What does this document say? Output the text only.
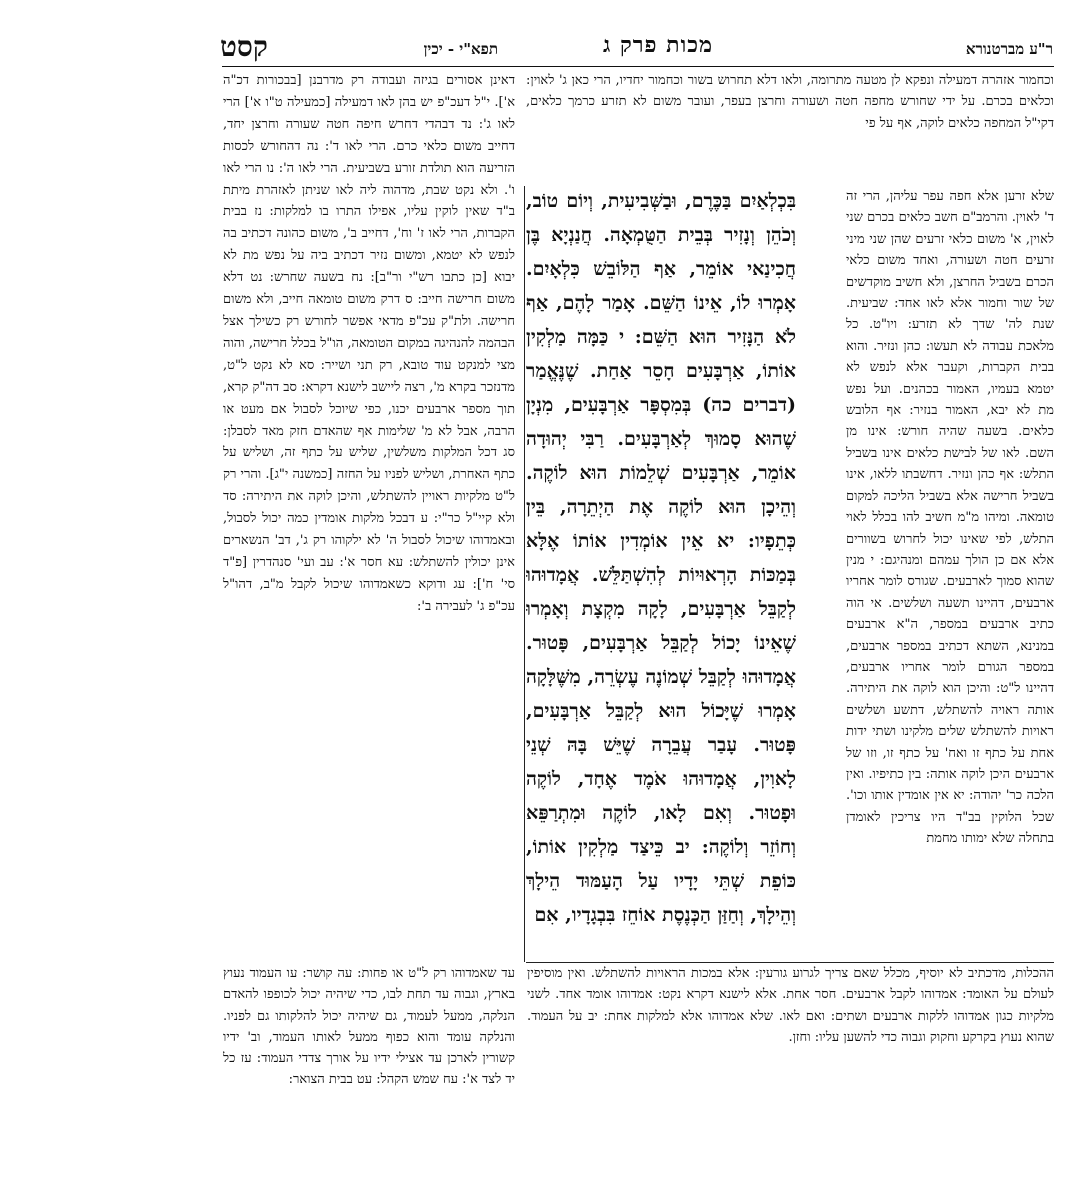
ר"ע מברטנורא
מכות פרק ג
תפא"י - יכין
קסט
וכחמור אזהרה דמעילה ונפקא לן מטעה מתרומה, ולאו דלא תחרוש בשור וכחמור יחדיו, הרי כאן ג' לאוין: וכלאים בכרם. על ידי שחורש מחפה חטה ושעורה וחרצן בעפר, ועובר משום לא תזרע כרמך כלאים, דקי"ל המחפה כלאים לוקה, אף על פי
שלא זרען אלא חפה עפר עליהן, הרי זה ד' לאוין. והרמב"ם חשב כלאים בכרם שני לאוין, א' משום כלאי זרעים שהן שני מיני זרעים חטה ושעורה, ואחד משום כלאי הכרם בשביל החרצן, ולא חשיב מוקדשים של שור וחמור אלא לאו אחד: שביעית. שנת לה' שדך לא תזרע: ויו"ט. כל מלאכת עבודה לא תעשו: כהן ונזיר. והוא בבית הקברות, וקעבר אלא לנפש לא יטמא בעמיו, האמור בכהנים. ועל נפש מת לא יבא, האמור בנזיר: אף הלובש כלאים. בשעה שהיה חורש: אינו מן השם. לאו של לבישת כלאים אינו בשביל התלש: אף כהן ונזיר. דחשבתו ללאו, אינו בשביל חרישה אלא בשביל הליכה למקום טומאה. ומיהו מ"מ חשיב להו בכלל לאוי התלש, לפי שאינו יכול לחרוש בשוורים אלא אם כן הולך עמהם ומנהיגם: י מנין שהוא סמוך לארבעים. שגורס לומר אחריו ארבעים, דהיינו תשעה ושלשים. אי הוה כתיב ארבעים במספר, ה"א ארבעים במנינא, השתא דכתיב במספר ארבעים, במספר הגורם לומר אחריו ארבעים, דהיינו ל"ט: והיכן הוא לוקה את היתירה. אותה ראויה להשתלש, דתשע ושלשים ראויות להשתלש שלים מלקינו ושתי ידות אחת על כתף זו ואח' על כתף זו, וזו של ארבעים היכן לוקה אותה: בין כתיפיו. ואין הלכה כר' יהודה: יא אין אומדין אותו וכו'. שכל הלוקין בב"ד היו צריכין לאומדן בתחלה שלא ימותו מחמת
בִּכְלְאַיִם בַּכֶּרֶם, וּבַשְּׁבִיעִית, וְיוֹם טוֹב, וְכֹהֵן וְנָזִיר בְּבֵית הַטֻּמְאָה. חֲנַנְיָא בֶּן חֲכִינַאי אוֹמֵר, אַף הַלּוֹבֵשׁ כִּלְאָיִם. אָמְרוּ לוֹ, אֵינוֹ הַשֵּׁם. אָמַר לָהֶם, אַף לֹא הַנָּזִיר הוּא הַשֵּׁם: י כַּמָּה מַלְקִין אוֹתוֹ, אַרְבָּעִים חָסֵר אַחַת. שֶׁנֶּאֱמַר (דברים כה) בְּמִסְפָּר אַרְבָּעִים, מִנְיָן שֶׁהוּא סָמוּךְ לְאַרְבָּעִים. רַבִּי יְהוּדָה אוֹמֵר, אַרְבָּעִים שְׁלֵמוֹת הוּא לוֹקֶה. וְהֵיכָן הוּא לוֹקֶה אֶת הַיְתֵרָה, בֵּין כְּתֵפָיו: יא אֵין אוֹמְדִין אוֹתוֹ אֶלָּא בְּמַכּוֹת הָרְאוּיוֹת לְהִשְׁתַּלֵּשׁ. אֲמָדוּהוּ לְקַבֵּל אַרְבָּעִים, לָקָה מִקְצָת וְאָמְרוּ שֶׁאֵינוֹ יָכוֹל לְקַבֵּל אַרְבָּעִים, פָּטוּר. אֲמָדוּהוּ לְקַבֵּל שְׁמוֹנֶה עֶשְׂרֵה, מִשֶּׁלָּקָה אָמְרוּ שֶׁיָּכוֹל הוּא לְקַבֵּל אַרְבָּעִים, פָּטוּר. עָבַר עֲבֵרָה שֶׁיֵּשׁ בָּהּ שְׁנֵי לָאוִין, אֲמָדוּהוּ אֹמֶד אֶחָד, לוֹקֶה וּפָטוּר. וְאִם לָאו, לוֹקֶה וּמִתְרַפֵּא וְחוֹזֵר וְלוֹקֶה: יב כֵּיצַד מַלְקִין אוֹתוֹ, כּוֹפֵת שְׁתֵּי יָדָיו עַל הָעַמּוּד הֵילָךְ וְהֵילָךְ, וְחַזַּן הַכְּנֶסֶת אוֹחֵז בִּבְגָדָיו, אִם
דאינן אסורים בגיזה ועבודה רק מדרבנן [בבכורות דכ"ה א']. י"ל דעכ"פ יש בהן לאו דמעילה [כמעילה ט"ו א'] הרי לאו ג': נד דבהדי דחרש חיפה חטה שעורה וחרצן יחד, דחייב משום כלאי כרם. הרי לאו ד': נה דהחורש לכסות הזריעה הוא תולדת זורע בשביעית. הרי לאו ה': נו הרי לאו ו'. ולא נקט שבת, מדהוה ליה לאו שניתן לאזהרת מיתת ב"ד שאין לוקין עליו, אפילו התרו בו למלקות: נז בבית הקברות, הרי לאו ז' וח', דחייב ב', משום כהונה דכתיב בה לנפש לא יטמא, ומשום נזיר דכתיב ביה על נפש מת לא יבוא [כן כתבו רש"י ור"ב]: נח בשעה שחרש: נט דלא משום חרישה חייב: ס דרק משום טומאה חייב, ולא משום חרישה. ולת"ק עכ"פ מדאי אפשר לחורש רק כשילך אצל הבהמה להנהיגה במקום הטומאה, הו"ל בכלל חרישה, והוה מצי למנקט עוד טובא, רק תני ושייר: סא לא נקט ל"ט, מדנזכר בקרא מ', רצה ליישב לישנא דקרא: סב דה"ק קרא, תוך מספר ארבעים יכנו, כפי שיוכל לסבול אם מעט או הרבה, אבל לא מ' שלימות אף שהאדם חזק מאד לסבלן: סג דכל המלקות משלשין, שליש על כתף זה, ושליש על כתף האחרת, ושליש לפניו על החזה [כמשנה י"ג]. והרי רק ל"ט מלקיות ראויין להשתלש, והיכן לוקה את היתירה: סד ולא קיי"ל כר"י: ע דבכל מלקות אומדין כמה יכול לסבול, ובאמדוהו שיכול לסבול ה' לא ילקוהו רק ג', דב' הנשארים אינן יכולין להשתלש: עא חסר א': עב ועי' סנהדרין [פ"ד סי' ח']: עג ודוקא כשאמדוהו שיכול לקבל מ"ב, דהו"ל עכ"פ ג' לעבירה ב':
ההכלות, מדכתיב לא יוסיף, מכלל שאם צריך לגרוע גורעין: אלא במכות הראויות להשתלש. ואין מוסיפין לעולם על האומד: אמדוהו לקבל ארבעים. חסר אחת. אלא לישנא דקרא נקט: אמדוהו אומד אחד. לשני מלקיות כגון אמדוהו ללקות ארבעים ושתים: ואם לאו. שלא אמדוהו אלא למלקות אחת: יב על העמוד. שהוא נעוץ בקרקע וחקוק וגבוה כדי להשען עליו: וחזן.
עד שאמדוהו רק ל"ט או פחות: עה קושר: עו העמוד נעוץ בארץ, וגבוה עד תחת לבו, כדי שיהיה יכול לכופפו להאדם הנלקה, ממעל לעמוד, גם שיהיה יכול להלקותו גם לפניו. והנלקה עומד והוא כפוף ממעל לאותו העמוד, וב' ידיו קשורין לארכן עד אצילי ידיו על אורך צדדי העמוד: עז כל יד לצד א': עח שמש הקהל: עט בבית הצואר:
